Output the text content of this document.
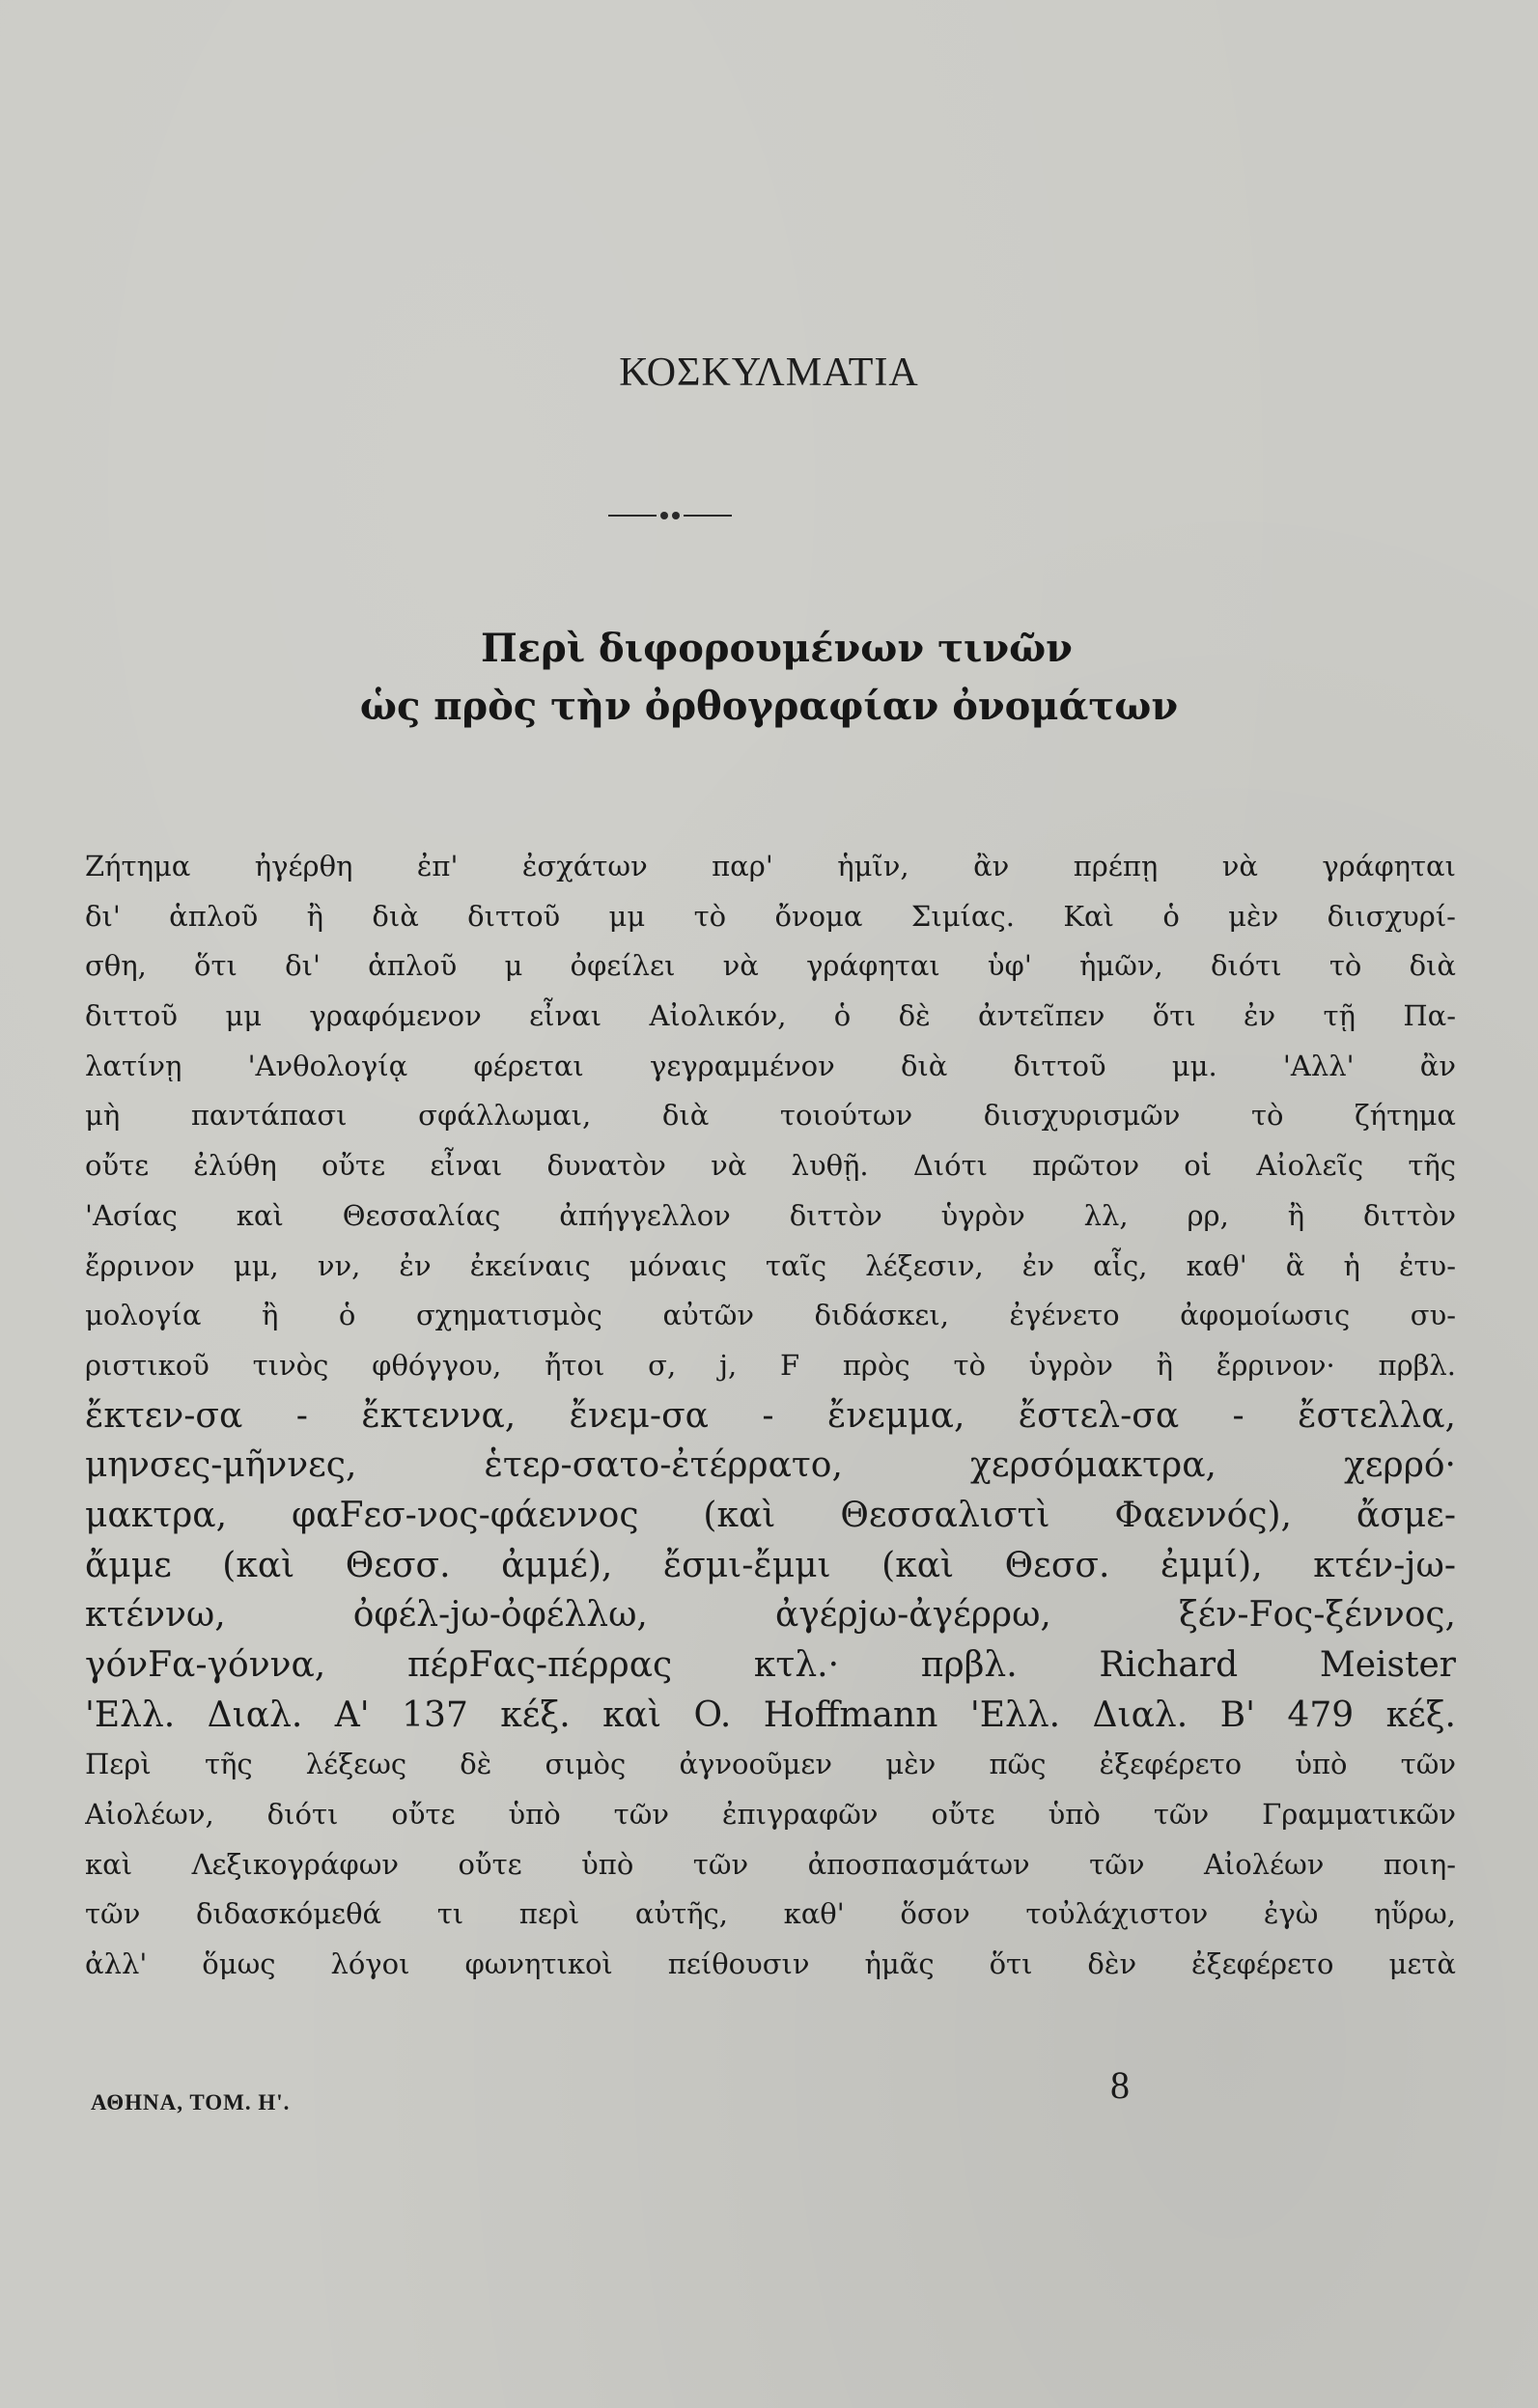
ΚΟΣΚΥΛΜΑΤΙΑ
Περὶ διφορουμένων τινῶν
ὡς πρὸς τὴν ὀρθογραφίαν ὀνομάτων
Ζήτημα ἠγέρθη ἐπ' ἐσχάτων παρ' ἡμῖν, ἂν πρέπῃ νὰ γράφηται
δι' ἁπλοῦ ἢ διὰ διττοῦ μμ τὸ ὄνομα Σιμίας. Καὶ ὁ μὲν διισχυρί-
σθη, ὅτι δι' ἁπλοῦ μ ὀφείλει νὰ γράφηται ὑφ' ἡμῶν, διότι τὸ διὰ
διττοῦ μμ γραφόμενον εἶναι Αἰολικόν, ὁ δὲ ἀντεῖπεν ὅτι ἐν τῇ Πα-
λατίνῃ 'Ανθολογίᾳ φέρεται γεγραμμένον διὰ διττοῦ μμ. 'Αλλ' ἂν
μὴ παντάπασι σφάλλωμαι, διὰ τοιούτων διισχυρισμῶν τὸ ζήτημα
οὔτε ἐλύθη οὔτε εἶναι δυνατὸν νὰ λυθῇ. Διότι πρῶτον οἱ Αἰολεῖς τῆς
'Ασίας καὶ Θεσσαλίας ἀπήγγελλον διττὸν ὑγρὸν λλ, ρρ, ἢ διττὸν
ἔρρινον μμ, νν, ἐν ἐκείναις μόναις ταῖς λέξεσιν, ἐν αἷς, καθ' ἃ ἡ ἐτυ-
μολογία ἢ ὁ σχηματισμὸς αὐτῶν διδάσκει, ἐγένετο ἀφομοίωσις συ-
ριστικοῦ τινὸς φθόγγου, ἤτοι σ, j, F πρὸς τὸ ὑγρὸν ἢ ἔρρινον· πρβλ.
ἔκτεν-σα - ἔκτεννα, ἔνεμ-σα - ἔνεμμα, ἔστελ-σα - ἔστελλα,
μηνσες-μῆννες, ἑτερ-σατο-ἐτέρρατο, χερσόμακτρα, χερρό·
μακτρα, φαFεσ-νος-φάεννος (καὶ Θεσσαλιστὶ Φαεννός), ἄσμε-
ἄμμε (καὶ Θεσσ. ἀμμέ), ἔσμι-ἔμμι (καὶ Θεσσ. ἐμμί), κτέν-jω-
κτέννω, ὀφέλ-jω-ὀφέλλω, ἀγέρjω-ἀγέρρω, ξέν-Fος-ξέννος,
γόνFα-γόννα, πέρFας-πέρρας κτλ.· πρβλ. Richard Meister
'Ελλ. Διαλ. Α' 137 κέξ. καὶ O. Hoffmann 'Ελλ. Διαλ. Β' 479 κέξ.
Περὶ τῆς λέξεως δὲ σιμὸς ἀγνοοῦμεν μὲν πῶς ἐξεφέρετο ὑπὸ τῶν
Αἰολέων, διότι οὔτε ὑπὸ τῶν ἐπιγραφῶν οὔτε ὑπὸ τῶν Γραμματικῶν
καὶ Λεξικογράφων οὔτε ὑπὸ τῶν ἀποσπασμάτων τῶν Αἰολέων ποιη-
τῶν διδασκόμεθά τι περὶ αὐτῆς, καθ' ὅσον τοὐλάχιστον ἐγὼ ηὕρω,
ἀλλ' ὅμως λόγοι φωνητικοὶ πείθουσιν ἡμᾶς ὅτι δὲν ἐξεφέρετο μετὰ
ΑΘΗΝΑ, ΤΟΜ. Η'.	8
